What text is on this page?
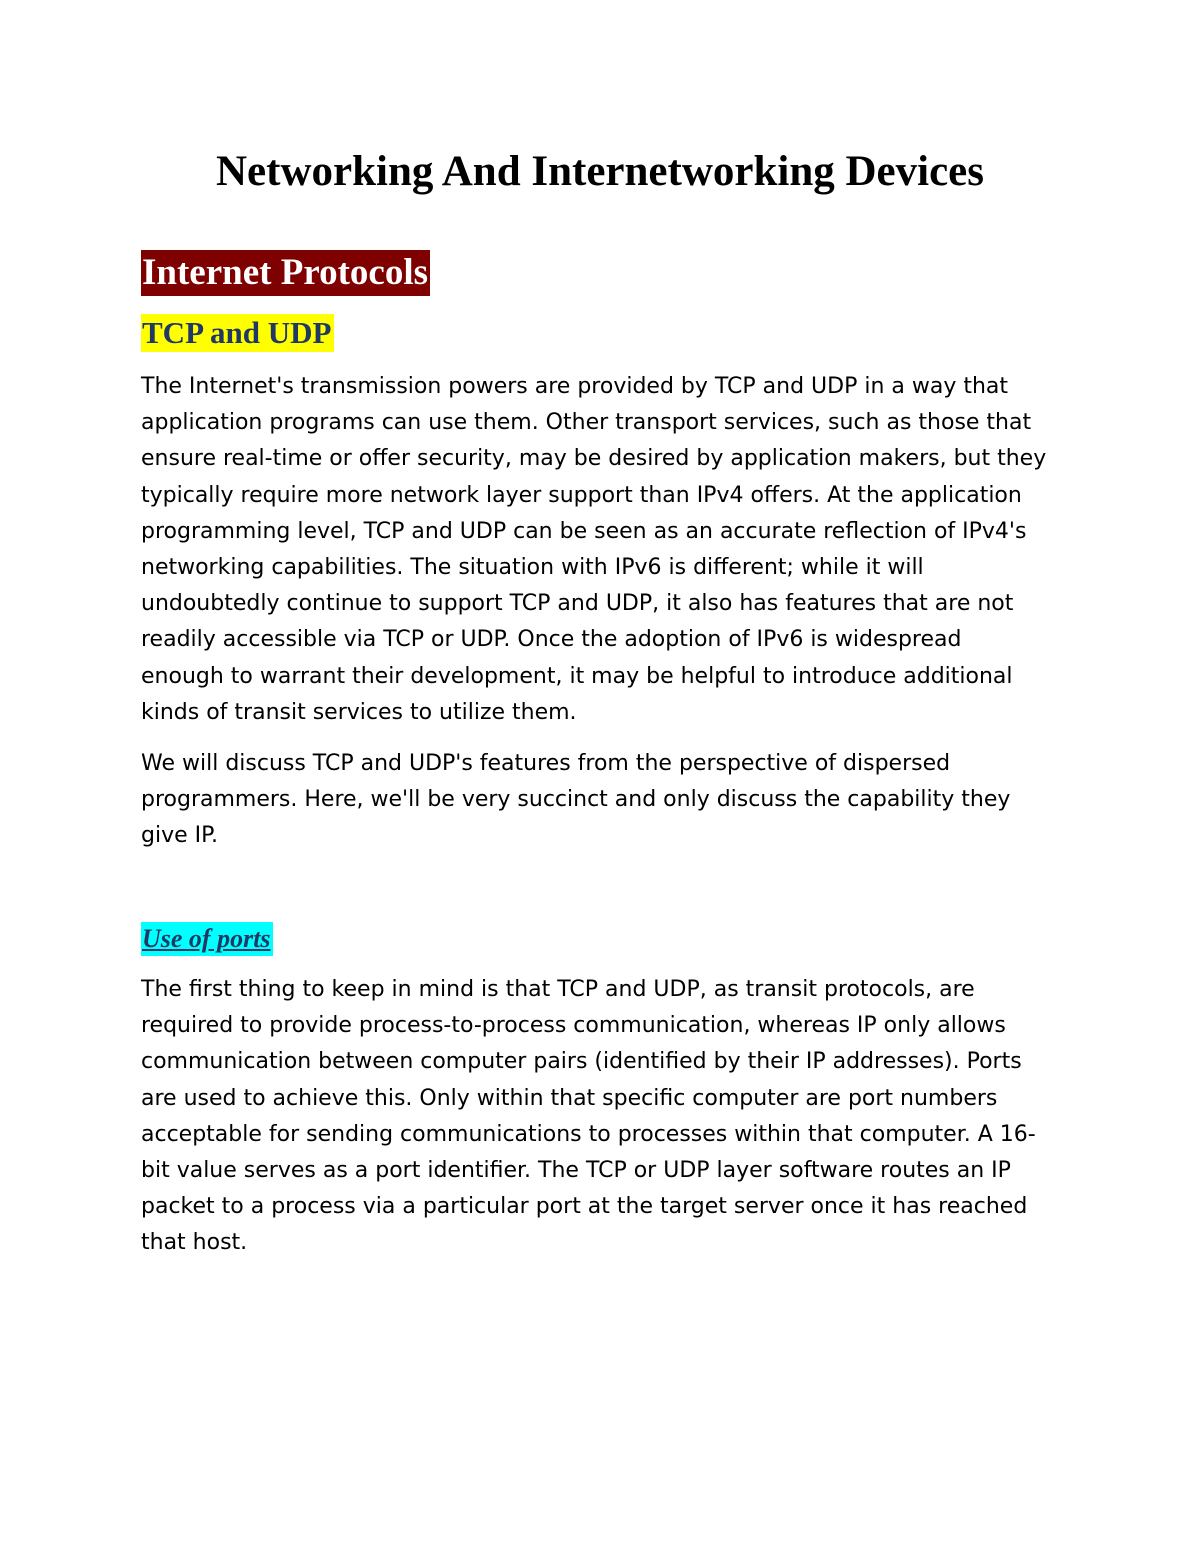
Networking And Internetworking Devices
Internet Protocols
TCP and UDP
The Internet's transmission powers are provided by TCP and UDP in a way that
application programs can use them. Other transport services, such as those that
ensure real-time or offer security, may be desired by application makers, but they
typically require more network layer support than IPv4 offers. At the application
programming level, TCP and UDP can be seen as an accurate reflection of IPv4's
networking capabilities. The situation with IPv6 is different; while it will
undoubtedly continue to support TCP and UDP, it also has features that are not
readily accessible via TCP or UDP. Once the adoption of IPv6 is widespread
enough to warrant their development, it may be helpful to introduce additional
kinds of transit services to utilize them.
We will discuss TCP and UDP's features from the perspective of dispersed
programmers. Here, we'll be very succinct and only discuss the capability they
give IP.
Use of ports
The first thing to keep in mind is that TCP and UDP, as transit protocols, are
required to provide process-to-process communication, whereas IP only allows
communication between computer pairs (identified by their IP addresses). Ports
are used to achieve this. Only within that specific computer are port numbers
acceptable for sending communications to processes within that computer. A 16-
bit value serves as a port identifier. The TCP or UDP layer software routes an IP
packet to a process via a particular port at the target server once it has reached
that host.
